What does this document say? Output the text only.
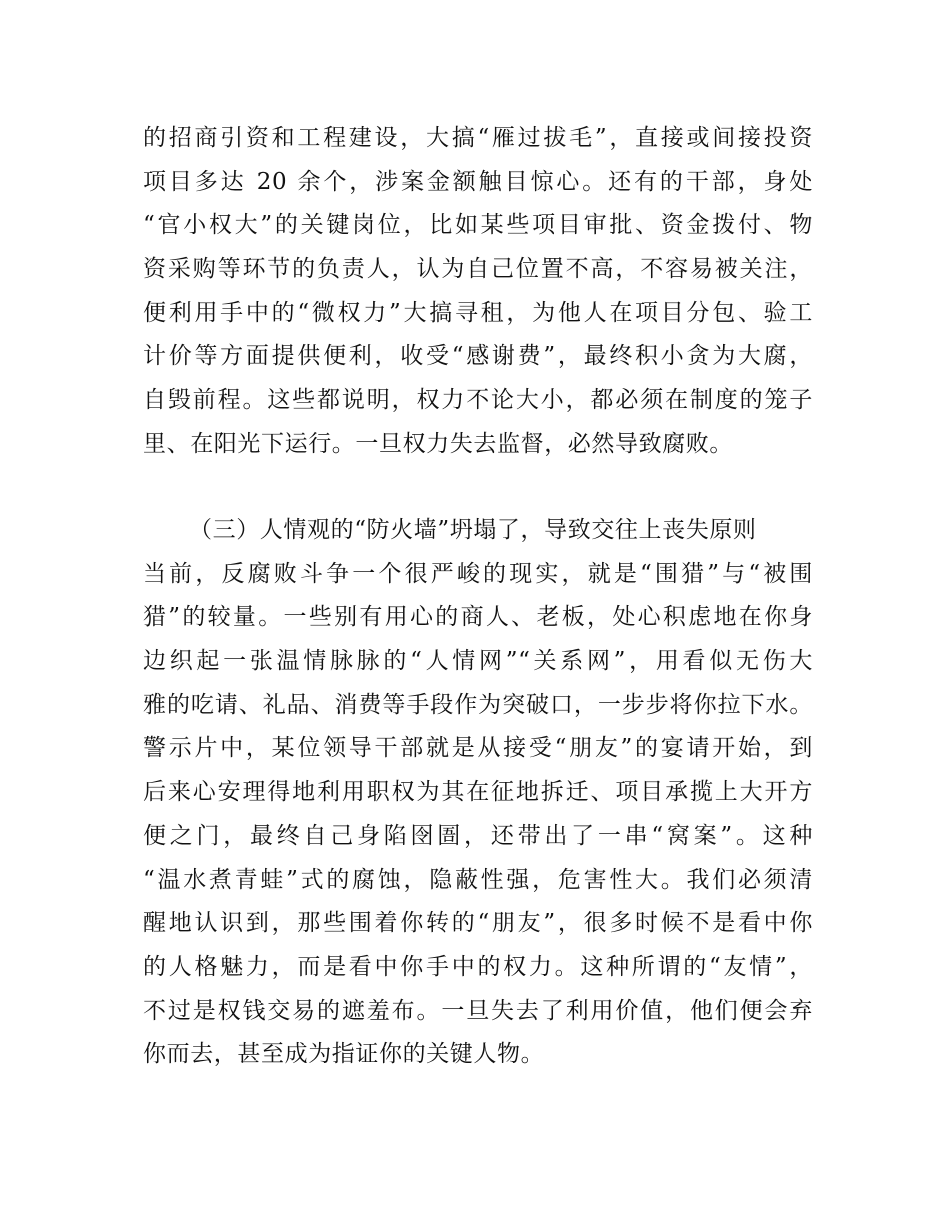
的招商引资和工程建设，大搞“雁过拔毛”，直接或间接投资
项目多达 20 余个，涉案金额触目惊心。还有的干部，身处
“官小权大”的关键岗位，比如某些项目审批、资金拨付、物
资采购等环节的负责人，认为自己位置不高，不容易被关注，
便利用手中的“微权力”大搞寻租，为他人在项目分包、验工
计价等方面提供便利，收受“感谢费”，最终积小贪为大腐，
自毁前程。这些都说明，权力不论大小，都必须在制度的笼子
里、在阳光下运行。一旦权力失去监督，必然导致腐败。
（三）人情观的“防火墙”坍塌了，导致交往上丧失原则
当前，反腐败斗争一个很严峻的现实，就是“围猎”与“被围
猎”的较量。一些别有用心的商人、老板，处心积虑地在你身
边织起一张温情脉脉的“人情网”“关系网”，用看似无伤大
雅的吃请、礼品、消费等手段作为突破口，一步步将你拉下水。
警示片中，某位领导干部就是从接受“朋友”的宴请开始，到
后来心安理得地利用职权为其在征地拆迁、项目承揽上大开方
便之门，最终自己身陷囹圄，还带出了一串“窝案”。这种
“温水煮青蛙”式的腐蚀，隐蔽性强，危害性大。我们必须清
醒地认识到，那些围着你转的“朋友”，很多时候不是看中你
的人格魅力，而是看中你手中的权力。这种所谓的“友情”，
不过是权钱交易的遮羞布。一旦失去了利用价值，他们便会弃
你而去，甚至成为指证你的关键人物。
